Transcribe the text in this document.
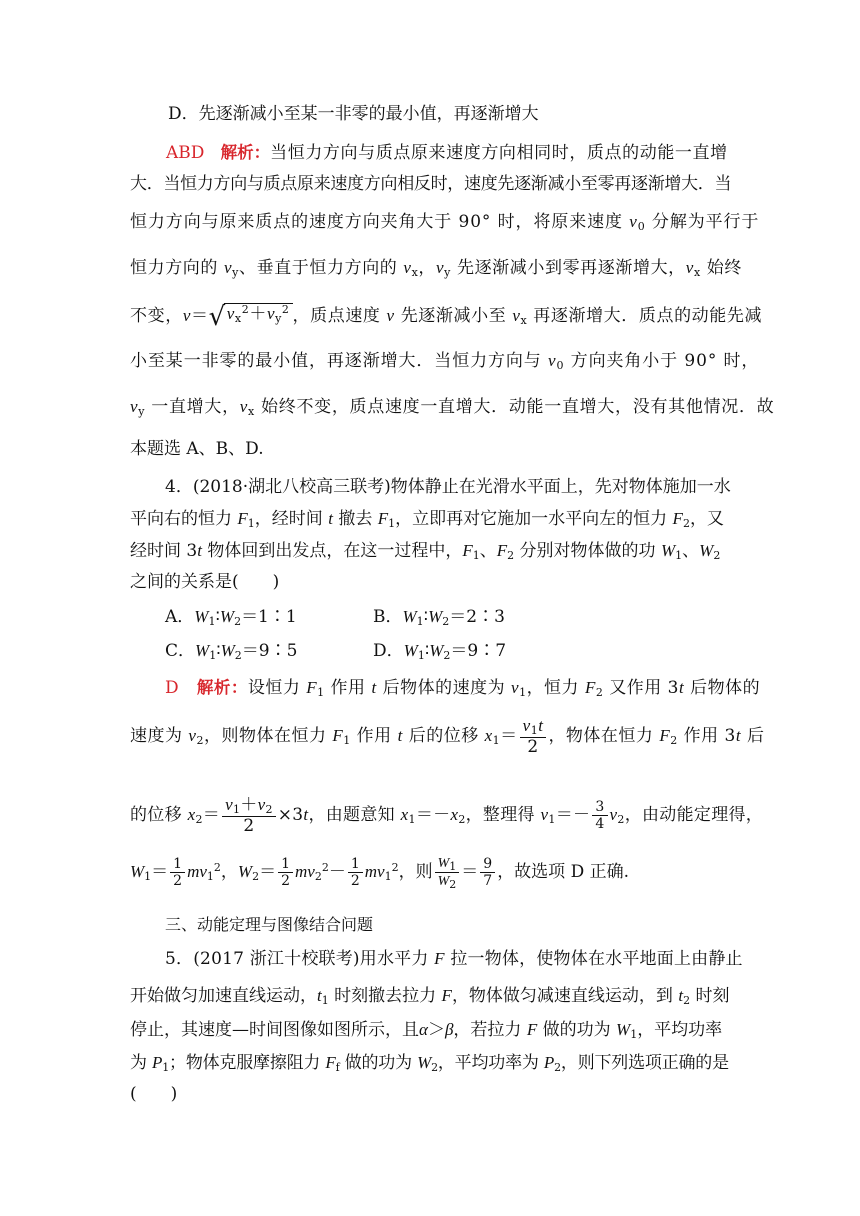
D．先逐渐减小至某一非零的最小值，再逐渐增大
ABD 解析：当恒力方向与质点原来速度方向相同时，质点的动能一直增
大．当恒力方向与质点原来速度方向相反时，速度先逐渐减小至零再逐渐增大．当
恒力方向与原来质点的速度方向夹角大于 90° 时，将原来速度 $v_0$ 分解为平行于
恒力方向的 $v_y$、垂直于恒力方向的 $v_x$，$v_y$ 先逐渐减小到零再逐渐增大，$v_x$ 始终
不变，$v=√v_x^2+v_y^2$ ，质点速度 v 先逐渐减小至 $v_x$ 再逐渐增大．质点的动能先减
小至某一非零的最小值，再逐渐增大．当恒力方向与 $v_0$ 方向夹角小于 90° 时，
$v_y$ 一直增大，$v_x$ 始终不变，质点速度一直增大．动能一直增大，没有其他情况．故
本题选 A、B、D.
4．(2018·湖北八校高三联考)物体静止在光滑水平面上，先对物体施加一水
平向右的恒力 $F_1$，经时间 t 撤去 $F_1$，立即再对它施加一水平向左的恒力 $F_2$，又
经时间 3t 物体回到出发点，在这一过程中，$F_1$、$F_2$ 分别对物体做的功 $W_1$、$W_2$
之间的关系是(　　)
A．$W_1∶W_2=1∶1$	B．$W_1∶W_2=2∶3$
C．$W_1∶W_2=9∶5$	D．$W_1∶W_2=9∶7$
D 解析：设恒力 $F_1$ 作用 t 后物体的速度为 $v_1$，恒力 $F_2$ 又作用 3t 后物体的
速度为 $v_2$，则物体在恒力 $F_1$ 作用 t 后的位移 $x_1= \frac{v_1t}{2}$ ，物体在恒力 $F_2$ 作用 3t 后
的位移 $x_2= \frac{v_1+v_2}{2} \times 3t$，由题意知 $x_1=-x_2$，整理得 $v_1=- \frac{3}{4} v_2$，由动能定理得，
$W_1= \frac{1}{2} mv_1^2$，$W_2= \frac{1}{2} mv_2^2- \frac{1}{2} mv_1^2$，则 $\frac{W_1}{W_2} = \frac{9}{7}$ ，故选项 D 正确.
三、动能定理与图像结合问题
5．(2017 浙江十校联考)用水平力 F 拉一物体，使物体在水平地面上由静止
开始做匀加速直线运动，$t_1$ 时刻撤去拉力 F，物体做匀减速直线运动，到 $t_2$ 时刻
停止，其速度—时间图像如图所示，且α＞β，若拉力 F 做的功为 $W_1$，平均功率
为 $P_1$；物体克服摩擦阻力 $F_f$ 做的功为 $W_2$，平均功率为 $P_2$，则下列选项正确的是
(　　)
